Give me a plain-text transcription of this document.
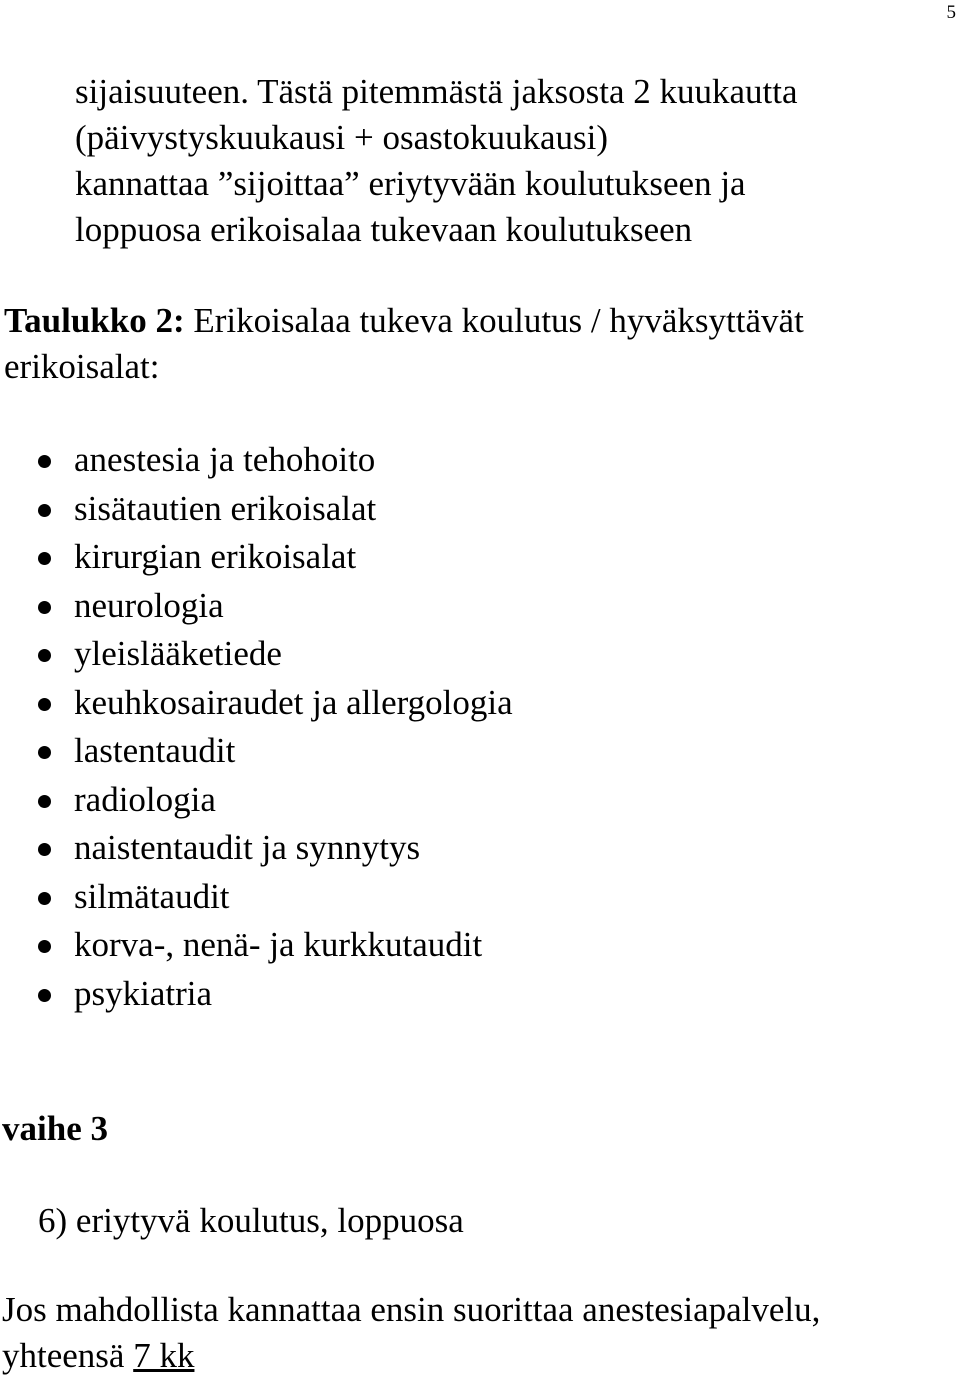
5
sijaisuuteen. Tästä pitemmästä jaksosta 2 kuukautta
(päivystyskuukausi + osastokuukausi)
kannattaa ”sijoittaa” eriytyvään koulutukseen ja
loppuosa erikoisalaa tukevaan koulutukseen
Taulukko 2: Erikoisalaa tukeva koulutus / hyväksyttävät
erikoisalat:
anestesia ja tehohoito
sisätautien erikoisalat
kirurgian erikoisalat
neurologia
yleislääketiede
keuhkosairaudet ja allergologia
lastentaudit
radiologia
naistentaudit ja synnytys
silmätaudit
korva-, nenä- ja kurkkutaudit
psykiatria
vaihe 3
6) eriytyvä koulutus, loppuosa
Jos mahdollista kannattaa ensin suorittaa anestesiapalvelu,
yhteensä 7 kk
